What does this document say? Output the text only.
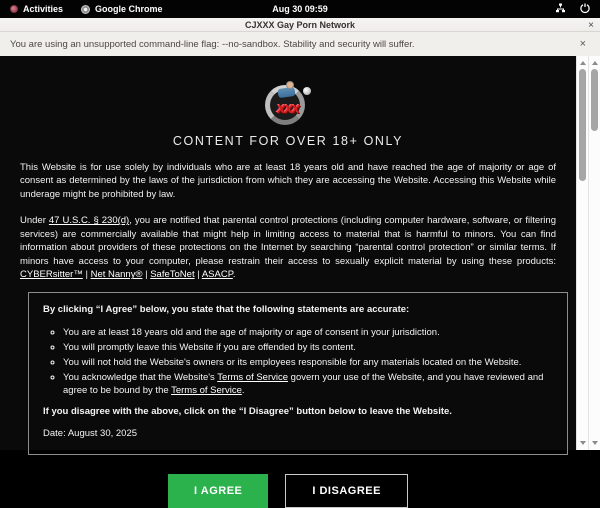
Activities	Google Chrome	Aug 30 09:59
CJXXX Gay Porn Network	×
You are using an unsupported command-line flag: --no-sandbox. Stability and security will suffer.	×
xxx
CONTENT FOR OVER 18+ ONLY

This Website is for use solely by individuals who are at least 18 years old and have reached the age of majority or age of consent as determined by the laws of the jurisdiction from which they are accessing the Website. Accessing this Website while underage might be prohibited by law.

Under 47 U.S.C. § 230(d), you are notified that parental control protections (including computer hardware, software, or filtering services) are commercially available that might help in limiting access to material that is harmful to minors. You can find information about providers of these protections on the Internet by searching “parental control protection” or similar terms. If minors have access to your computer, please restrain their access to sexually explicit material by using these products: CYBERsitter™ | Net Nanny® | SafeToNet | ASACP.

By clicking “I Agree” below, you state that the following statements are accurate:
◦ You are at least 18 years old and the age of majority or age of consent in your jurisdiction.
◦ You will promptly leave this Website if you are offended by its content.
◦ You will not hold the Website's owners or its employees responsible for any materials located on the Website.
◦ You acknowledge that the Website's Terms of Service govern your use of the Website, and you have reviewed and agree to be bound by the Terms of Service.
If you disagree with the above, click on the “I Disagree” button below to leave the Website.
Date: August 30, 2025
I AGREE	I DISAGREE
